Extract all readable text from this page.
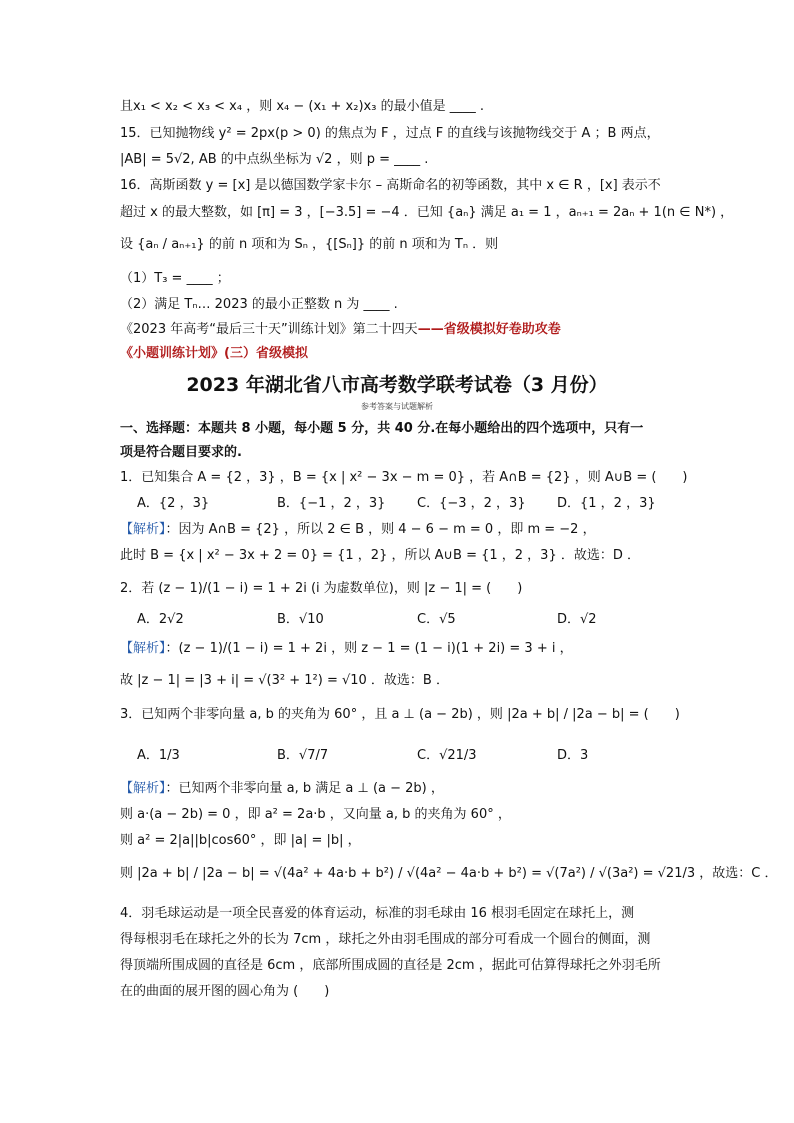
且x₁ < x₂ < x₃ < x₄ ，则 x₄ − (x₁ + x₂)x₃ 的最小值是 ____ .
15．已知抛物线 y² = 2px(p > 0) 的焦点为 F ，过点 F 的直线与该抛物线交于 A ；B 两点，
|AB| = 5√2, AB 的中点纵坐标为 √2 ，则 p = ____ .
16．高斯函数 y = [x] 是以德国数学家卡尔 – 高斯命名的初等函数，其中 x ∈ R ，[x] 表示不
超过 x 的最大整数，如 [π] = 3 ，[−3.5] = −4 ．已知 {aₙ} 满足 a₁ = 1 ，aₙ₊₁ = 2aₙ + 1(n ∈ N*) ，
设 {aₙ / aₙ₊₁} 的前 n 项和为 Sₙ ，{[Sₙ]} 的前 n 项和为 Tₙ ．则
（1）T₃ = ____ ；
（2）满足 Tₙ… 2023 的最小正整数 n 为 ____ .
《2023 年高考“最后三十天”训练计划》第二十四天——省级模拟好卷助攻卷
《小题训练计划》(三）省级模拟
2023 年湖北省八市高考数学联考试卷（3 月份）
参考答案与试题解析
一、选择题：本题共 8 小题，每小题 5 分，共 40 分.在每小题给出的四个选项中，只有一
项是符合题目要求的.
1．已知集合 A = {2 ，3} ，B = {x | x² − 3x − m = 0} ，若 A∩B = {2} ，则 A∪B = (　　)
A．{2 ，3}	B．{−1 ，2 ，3} C．{−3 ，2 ，3} D．{1 ，2 ，3}
【解析】：因为 A∩B = {2} ，所以 2 ∈ B ，则 4 − 6 − m = 0 ，即 m = −2 ，
此时 B = {x | x² − 3x + 2 = 0} = {1 ，2} ，所以 A∪B = {1 ，2 ，3} ．故选：D ．
2．若 (z − 1)/(1 − i) = 1 + 2i (i 为虚数单位)，则 |z − 1| = (　　)
A．2√2	B．√10	C．√5	D．√2
【解析】：(z − 1)/(1 − i) = 1 + 2i ，则 z − 1 = (1 − i)(1 + 2i) = 3 + i ，
故 |z − 1| = |3 + i| = √(3² + 1²) = √10 ．故选：B ．
3．已知两个非零向量 a, b 的夹角为 60° ，且 a ⊥ (a − 2b) ，则 |2a + b| / |2a − b| = (　　)
A．1/3	B．√7/7	C．√21/3	D．3
【解析】：已知两个非零向量 a, b 满足 a ⊥ (a − 2b) ，
则 a·(a − 2b) = 0 ，即 a² = 2a·b ，又向量 a, b 的夹角为 60° ，
则 a² = 2|a||b|cos60° ，即 |a| = |b| ，
则 |2a + b| / |2a − b| = √(4a² + 4a·b + b²) / √(4a² − 4a·b + b²) = √(7a²) / √(3a²) = √21/3 ，故选：C ．
4．羽毛球运动是一项全民喜爱的体育运动，标准的羽毛球由 16 根羽毛固定在球托上，测
得每根羽毛在球托之外的长为 7cm ，球托之外由羽毛围成的部分可看成一个圆台的侧面，测
得顶端所围成圆的直径是 6cm ，底部所围成圆的直径是 2cm ，据此可估算得球托之外羽毛所
在的曲面的展开图的圆心角为 (　　)
